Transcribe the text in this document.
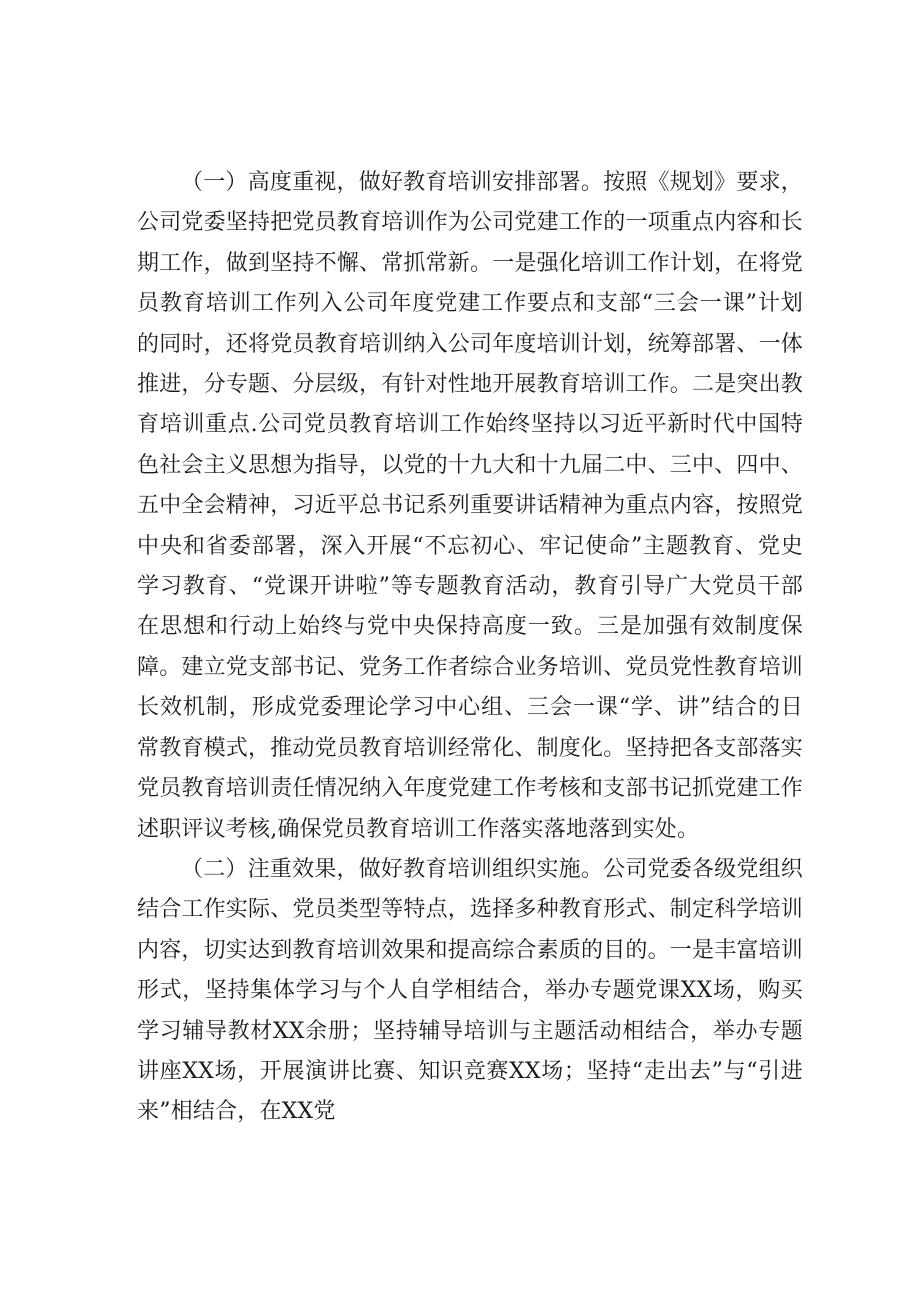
（一）高度重视，做好教育培训安排部署。按照《规划》要求，公司党委坚持把党员教育培训作为公司党建工作的一项重点内容和长期工作，做到坚持不懈、常抓常新。一是强化培训工作计划，在将党员教育培训工作列入公司年度党建工作要点和支部“三会一课”计划的同时，还将党员教育培训纳入公司年度培训计划，统筹部署、一体推进，分专题、分层级，有针对性地开展教育培训工作。二是突出教育培训重点.公司党员教育培训工作始终坚持以习近平新时代中国特色社会主义思想为指导，以党的十九大和十九届二中、三中、四中、五中全会精神，习近平总书记系列重要讲话精神为重点内容，按照党中央和省委部署，深入开展“不忘初心、牢记使命”主题教育、党史学习教育、“党课开讲啦”等专题教育活动，教育引导广大党员干部在思想和行动上始终与党中央保持高度一致。三是加强有效制度保障。建立党支部书记、党务工作者综合业务培训、党员党性教育培训长效机制，形成党委理论学习中心组、三会一课“学、讲”结合的日常教育模式，推动党员教育培训经常化、制度化。坚持把各支部落实党员教育培训责任情况纳入年度党建工作考核和支部书记抓党建工作述职评议考核,确保党员教育培训工作落实落地落到实处。

（二）注重效果，做好教育培训组织实施。公司党委各级党组织结合工作实际、党员类型等特点，选择多种教育形式、制定科学培训内容，切实达到教育培训效果和提高综合素质的目的。一是丰富培训形式，坚持集体学习与个人自学相结合，举办专题党课XX场，购买学习辅导教材XX余册；坚持辅导培训与主题活动相结合，举办专题讲座XX场，开展演讲比赛、知识竞赛XX场；坚持“走出去”与“引进来”相结合，在XX党
